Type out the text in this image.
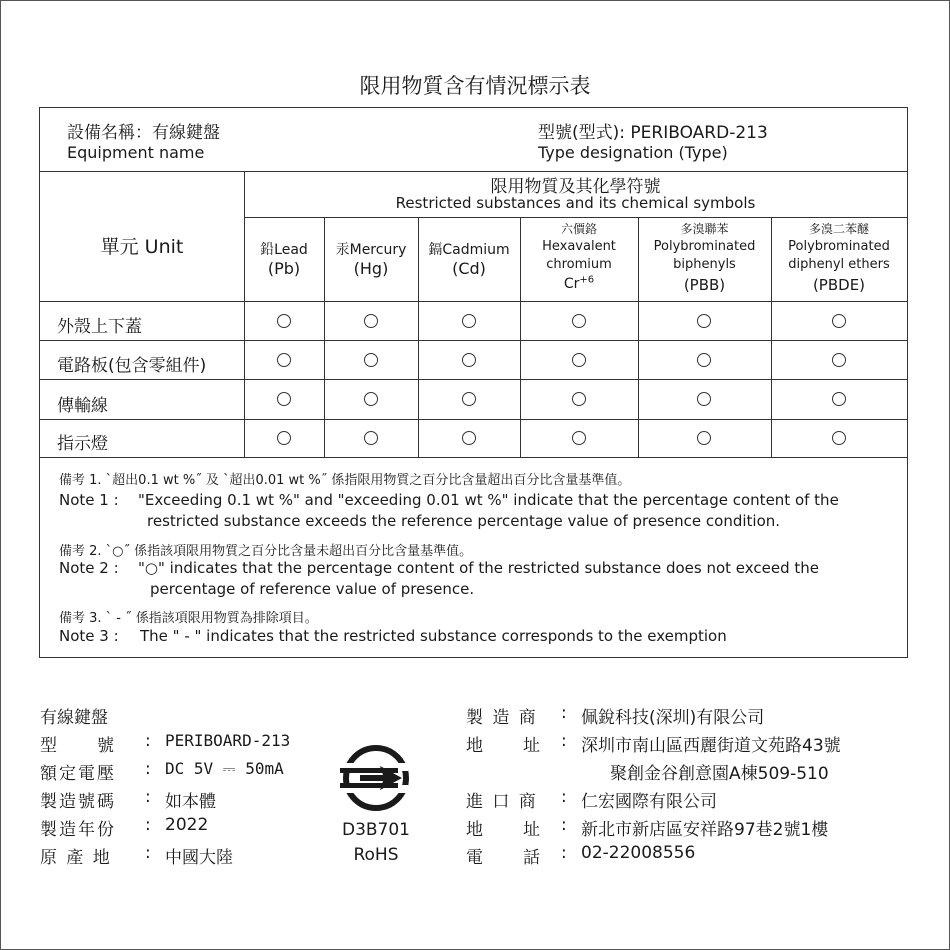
限用物質含有情況標示表
設備名稱：有線鍵盤
Equipment name
型號(型式): PERIBOARD-213
Type designation (Type)
單元 Unit
限用物質及其化學符號
Restricted substances and its chemical symbols
鉛Lead
(Pb)
汞Mercury
(Hg)
鎘Cadmium
(Cd)
六價鉻
Hexavalent
chromium
$Cr^{+6}$
多溴聯苯
Polybrominated
biphenyls
(PBB)
多溴二苯醚
Polybrominated
diphenyl ethers
(PBDE)
外殼上下蓋
電路板(包含零組件)
傳輸線
指示燈
備考 1. ˋ超出0.1 wt %˝ 及 ˋ超出0.01 wt %˝ 係指限用物質之百分比含量超出百分比含量基準值。
Note 1 : "Exceeding 0.1 wt %" and "exceeding 0.01 wt %" indicate that the percentage content of the
restricted substance exceeds the reference percentage value of presence condition.
備考 2. ˋ○˝ 係指該項限用物質之百分比含量未超出百分比含量基準值。
Note 2 : "○" indicates that the percentage content of the restricted substance does not exceed the
percentage of reference value of presence.
備考 3. ˋ - ˝ 係指該項限用物質為排除項目。
Note 3 : The " - " indicates that the restricted substance corresponds to the exemption
有線鍵盤
型　　號 : PERIBOARD-213
額定電壓 : DC 5V ⎓ 50mA
製造號碼 : 如本體
製造年份 : 2022
原 產 地 : 中國大陸
D3B701
RoHS
製 造 商 : 佩銳科技(深圳)有限公司
地　　址 : 深圳市南山區西麗街道文苑路43號
聚創金谷創意園A棟509-510
進 口 商 : 仁宏國際有限公司
地　　址 : 新北市新店區安祥路97巷2號1樓
電　　話 : 02-22008556
